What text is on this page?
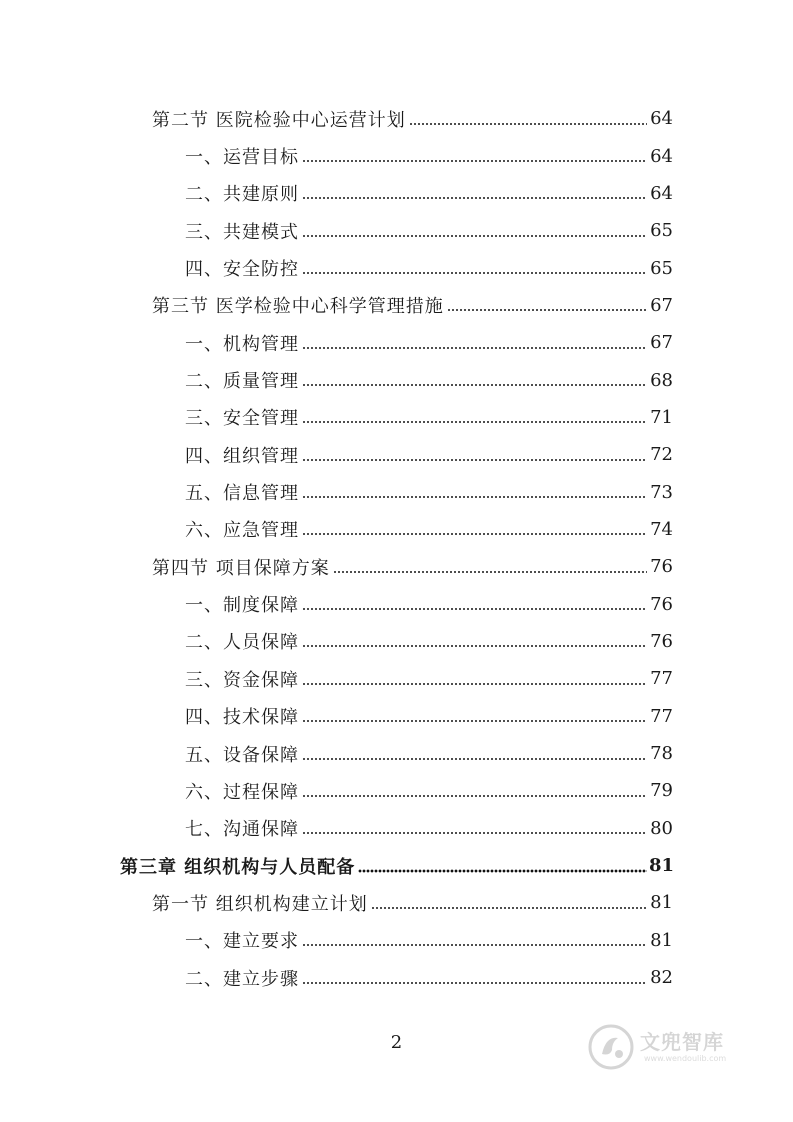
第二节 医院检验中心运营计划	64
一、运营目标	64
二、共建原则	64
三、共建模式	65
四、安全防控	65
第三节 医学检验中心科学管理措施	67
一、机构管理	67
二、质量管理	68
三、安全管理	71
四、组织管理	72
五、信息管理	73
六、应急管理	74
第四节 项目保障方案	76
一、制度保障	76
二、人员保障	76
三、资金保障	77
四、技术保障	77
五、设备保障	78
六、过程保障	79
七、沟通保障	80
第三章 组织机构与人员配备	81
第一节 组织机构建立计划	81
一、建立要求	81
二、建立步骤	82
2	文兜智库
www.wendoulib.com
